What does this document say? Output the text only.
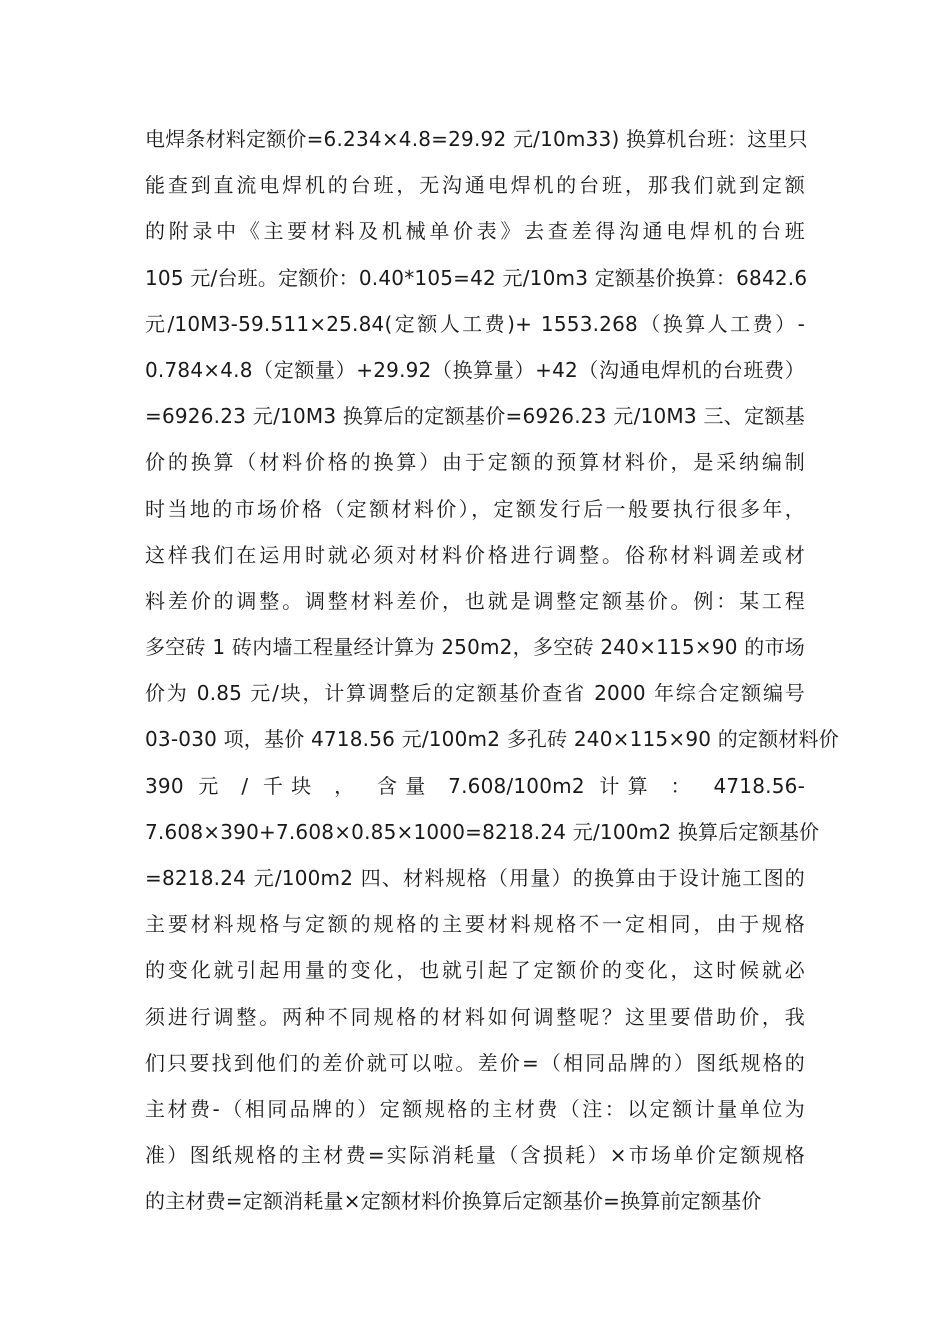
电焊条材料定额价=6.234×4.8=29.92 元/10m33) 换算机台班：这里只
能查到直流电焊机的台班，无沟通电焊机的台班，那我们就到定额
的附录中《主要材料及机械单价表》去查差得沟通电焊机的台班
105 元/台班。定额价：0.40*105=42 元/10m3 定额基价换算：6842.6
元/10M3-59.511×25.84(定额人工费)+ 1553.268（换算人工费）-
0.784×4.8（定额量）+29.92（换算量）+42（沟通电焊机的台班费）
=6926.23 元/10M3 换算后的定额基价=6926.23 元/10M3 三、定额基
价的换算（材料价格的换算）由于定额的预算材料价，是采纳编制
时当地的市场价格（定额材料价），定额发行后一般要执行很多年，
这样我们在运用时就必须对材料价格进行调整。俗称材料调差或材
料差价的调整。调整材料差价，也就是调整定额基价。例：某工程
多空砖 1 砖内墙工程量经计算为 250m2，多空砖 240×115×90 的市场
价为 0.85 元/块，计算调整后的定额基价查省 2000 年综合定额编号
03-030 项，基价 4718.56 元/100m2 多孔砖 240×115×90 的定额材料价
390 元 / 千块 ， 含量 7.608/100m2 计算 ： 4718.56-
7.608×390+7.608×0.85×1000=8218.24 元/100m2 换算后定额基价
=8218.24 元/100m2 四、材料规格（用量）的换算由于设计施工图的
主要材料规格与定额的规格的主要材料规格不一定相同，由于规格
的变化就引起用量的变化，也就引起了定额价的变化，这时候就必
须进行调整。两种不同规格的材料如何调整呢？这里要借助价，我
们只要找到他们的差价就可以啦。差价=（相同品牌的）图纸规格的
主材费-（相同品牌的）定额规格的主材费（注：以定额计量单位为
准）图纸规格的主材费=实际消耗量（含损耗）×市场单价定额规格
的主材费=定额消耗量×定额材料价换算后定额基价=换算前定额基价
